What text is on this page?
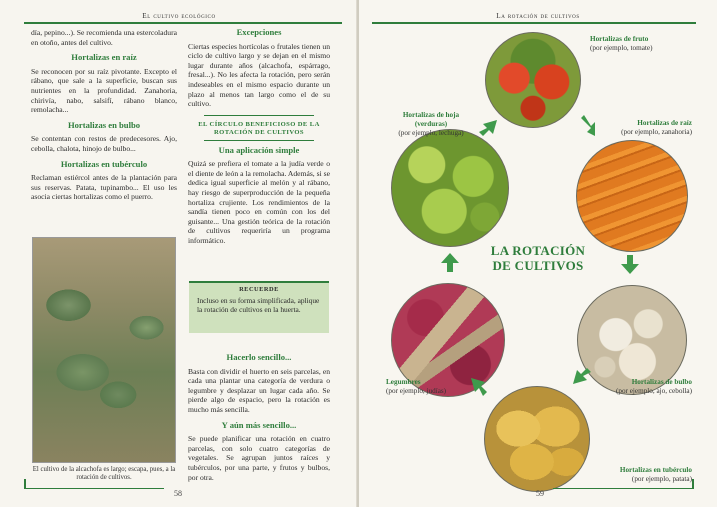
El cultivo ecológico

día, pepino...). Se recomienda una estercoladura en otoño, antes del cultivo.

Hortalizas en raíz

Se reconocen por su raíz pivotante. Excepto el rábano, que sale a la superficie, buscan sus nutrientes en la profundidad. Zanahoria, chirivía, nabo, salsifí, rábano blanco, remolacha...

Hortalizas en bulbo

Se contentan con restos de predecesores. Ajo, cebolla, chalota, hinojo de bulbo...

Hortalizas en tubérculo

Reclaman estiércol antes de la plantación para sus reservas. Patata, tupinambo... El uso les asocia ciertas hortalizas como el puerro.

El cultivo de la alcachofa es largo; escapa, pues, a la rotación de cultivos.
Excepciones

Ciertas especies hortícolas o frutales tienen un ciclo de cultivo largo y se dejan en el mismo lugar durante años (alcachofa, espárrago, fresal...). No les afecta la rotación, pero serán indeseables en el mismo espacio durante un plazo al menos tan largo como el de su cultivo.

EL CÍRCULO BENEFICIOSO DE LA ROTACIÓN DE CULTIVOS
Una aplicación simple

Quizá se prefiera el tomate a la judía verde o el diente de león a la remolacha. Además, si se dedica igual superficie al melón y al rábano, hay riesgo de superproducción de la pequeña hortaliza crujiente. Los rendimientos de la sandía tienen poco en común con los del guisante... Una gestión teórica de la rotación de cultivos requeriría un programa informático.

RECUERDE
Incluso en su forma simplificada, aplique la rotación de cultivos en la huerta.
Hacerlo sencillo...

Basta con dividir el huerto en seis parcelas, en cada una plantar una categoría de verdura o legumbre y desplazar un lugar cada año. Se pierde algo de espacio, pero la rotación es mucho más sencilla.

Y aún más sencillo...

Se puede planificar una rotación en cuatro parcelas, con solo cuatro categorías de vegetales. Se agrupan juntos raíces y tubérculos, por una parte, y frutos y bulbos, por otra.

58
La rotación de cultivos
LA ROTACIÓN
DE CULTIVOS
Hortalizas de fruto
(por ejemplo, tomate)
Hortalizas de raíz
(por ejemplo, zanahoria)
Hortalizas de hoja
(verduras)
(por ejemplo, lechuga)
Legumbres
(por ejemplo, judías)
Hortalizas de bulbo
(por ejemplo, ajo, cebolla)
Hortalizas en tubérculo
(por ejemplo, patata)
59
